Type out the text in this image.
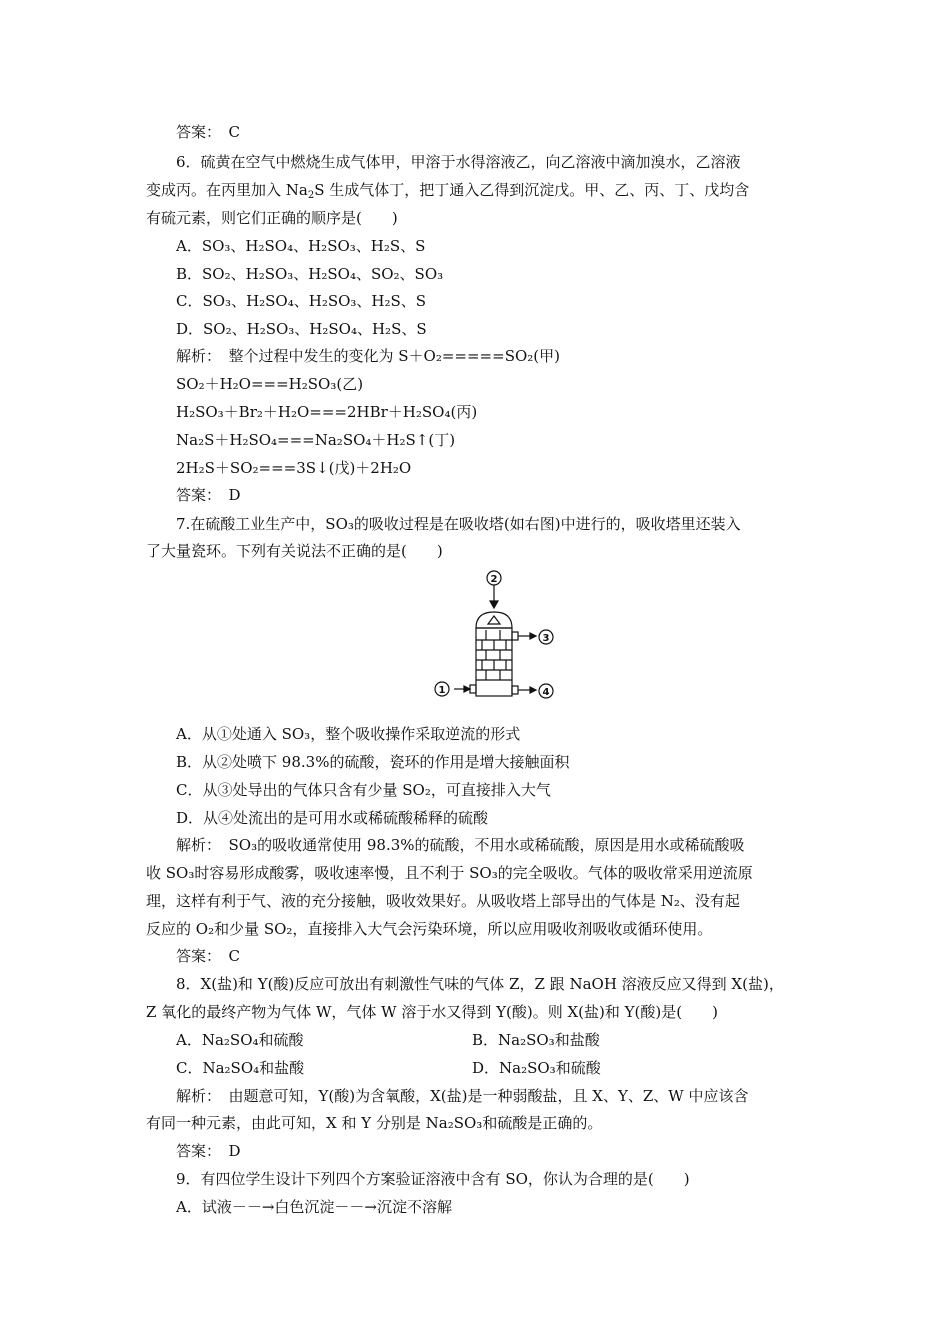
答案：　C
6．硫黄在空气中燃烧生成气体甲，甲溶于水得溶液乙，向乙溶液中滴加溴水，乙溶液
变成丙。在丙里加入 $Na_2S$ 生成气体丁，把丁通入乙得到沉淀戊。甲、乙、丙、丁、戊均含
有硫元素，则它们正确的顺序是(　　)
A．SO₃、H₂SO₄、H₂SO₃、H₂S、S
B．SO₂、H₂SO₃、H₂SO₄、SO₂、SO₃
C．SO₃、H₂SO₄、H₂SO₃、H₂S、S
D．SO₂、H₂SO₃、H₂SO₄、H₂S、S
解析：　整个过程中发生的变化为 S＋O₂=====SO₂(甲)
SO₂＋H₂O===H₂SO₃(乙)
H₂SO₃＋Br₂＋H₂O===2HBr＋H₂SO₄(丙)
Na₂S＋H₂SO₄===Na₂SO₄＋H₂S↑(丁)
2H₂S＋SO₂===3S↓(戊)＋2H₂O
答案：　D
7.在硫酸工业生产中，SO₃的吸收过程是在吸收塔(如右图)中进行的，吸收塔里还装入
了大量瓷环。下列有关说法不正确的是(　　)
2
3
1	4
A．从①处通入 SO₃，整个吸收操作采取逆流的形式
B．从②处喷下 98.3%的硫酸，瓷环的作用是增大接触面积
C．从③处导出的气体只含有少量 SO₂，可直接排入大气
D．从④处流出的是可用水或稀硫酸稀释的硫酸
解析：　SO₃的吸收通常使用 98.3%的硫酸，不用水或稀硫酸，原因是用水或稀硫酸吸
收 SO₃时容易形成酸雾，吸收速率慢，且不利于 SO₃的完全吸收。气体的吸收常采用逆流原
理，这样有利于气、液的充分接触，吸收效果好。从吸收塔上部导出的气体是 N₂、没有起
反应的 O₂和少量 SO₂，直接排入大气会污染环境，所以应用吸收剂吸收或循环使用。
答案：　C
8．X(盐)和 Y(酸)反应可放出有刺激性气味的气体 Z，Z 跟 NaOH 溶液反应又得到 X(盐)，
Z 氧化的最终产物为气体 W，气体 W 溶于水又得到 Y(酸)。则 X(盐)和 Y(酸)是(　　)
A．Na₂SO₄和硫酸	B．Na₂SO₃和盐酸
C．Na₂SO₄和盐酸	D．Na₂SO₃和硫酸
解析：　由题意可知，Y(酸)为含氧酸，X(盐)是一种弱酸盐，且 X、Y、Z、W 中应该含
有同一种元素，由此可知，X 和 Y 分别是 Na₂SO₃和硫酸是正确的。
答案：　D
9．有四位学生设计下列四个方案验证溶液中含有 SO，你认为合理的是(　　)
A．试液－－→白色沉淀－－→沉淀不溶解
